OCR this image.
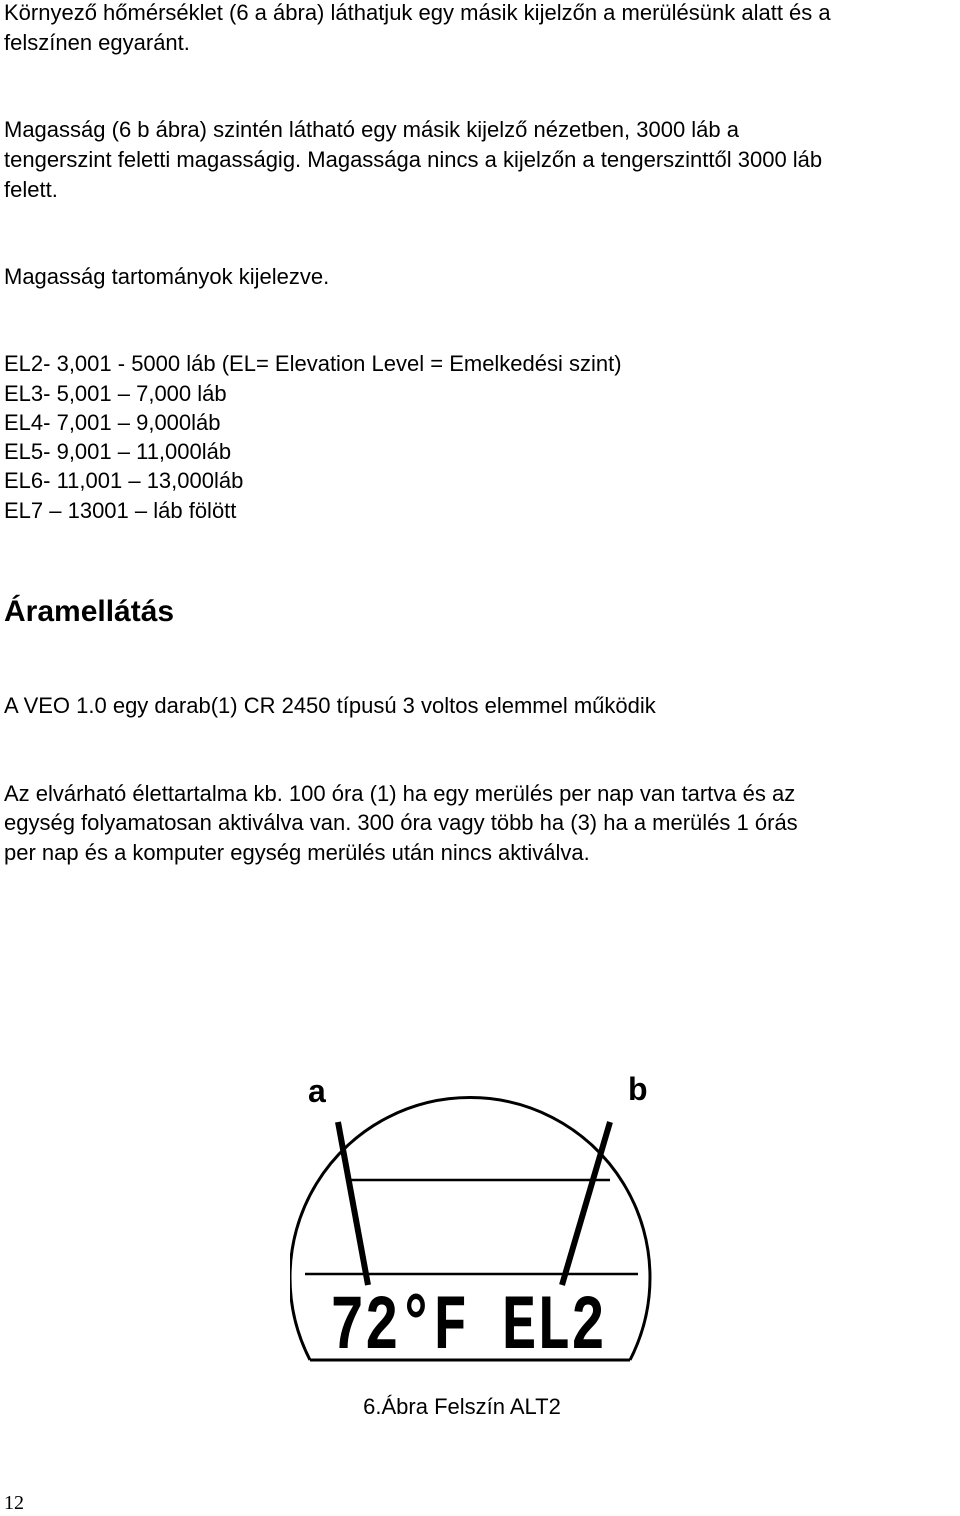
Környező hőmérséklet (6 a ábra) láthatjuk egy másik kijelzőn a merülésünk alatt és a

felszínen egyaránt.

Magasság (6 b ábra) szintén látható egy másik kijelző nézetben, 3000 láb a

tengerszint feletti magasságig. Magassága nincs a kijelzőn a tengerszinttől 3000 láb

felett.

Magasság tartományok kijelezve.

EL2- 3,001 - 5000 láb (EL= Elevation Level = Emelkedési szint)

EL3- 5,001 – 7,000 láb

EL4- 7,001 – 9,000láb

EL5- 9,001 – 11,000láb

EL6- 11,001 – 13,000láb

EL7 – 13001 – láb fölött

Áramellátás

A VEO 1.0 egy darab(1) CR 2450 típusú 3 voltos elemmel működik

Az elvárható élettartalma kb. 100 óra (1) ha egy merülés per nap van tartva és az

egység folyamatosan aktiválva van. 300 óra vagy több ha (3) ha a merülés 1 órás

per nap és a komputer egység merülés után nincs aktiválva.

a	b
72°F EL2

6.Ábra Felszín ALT2

12
